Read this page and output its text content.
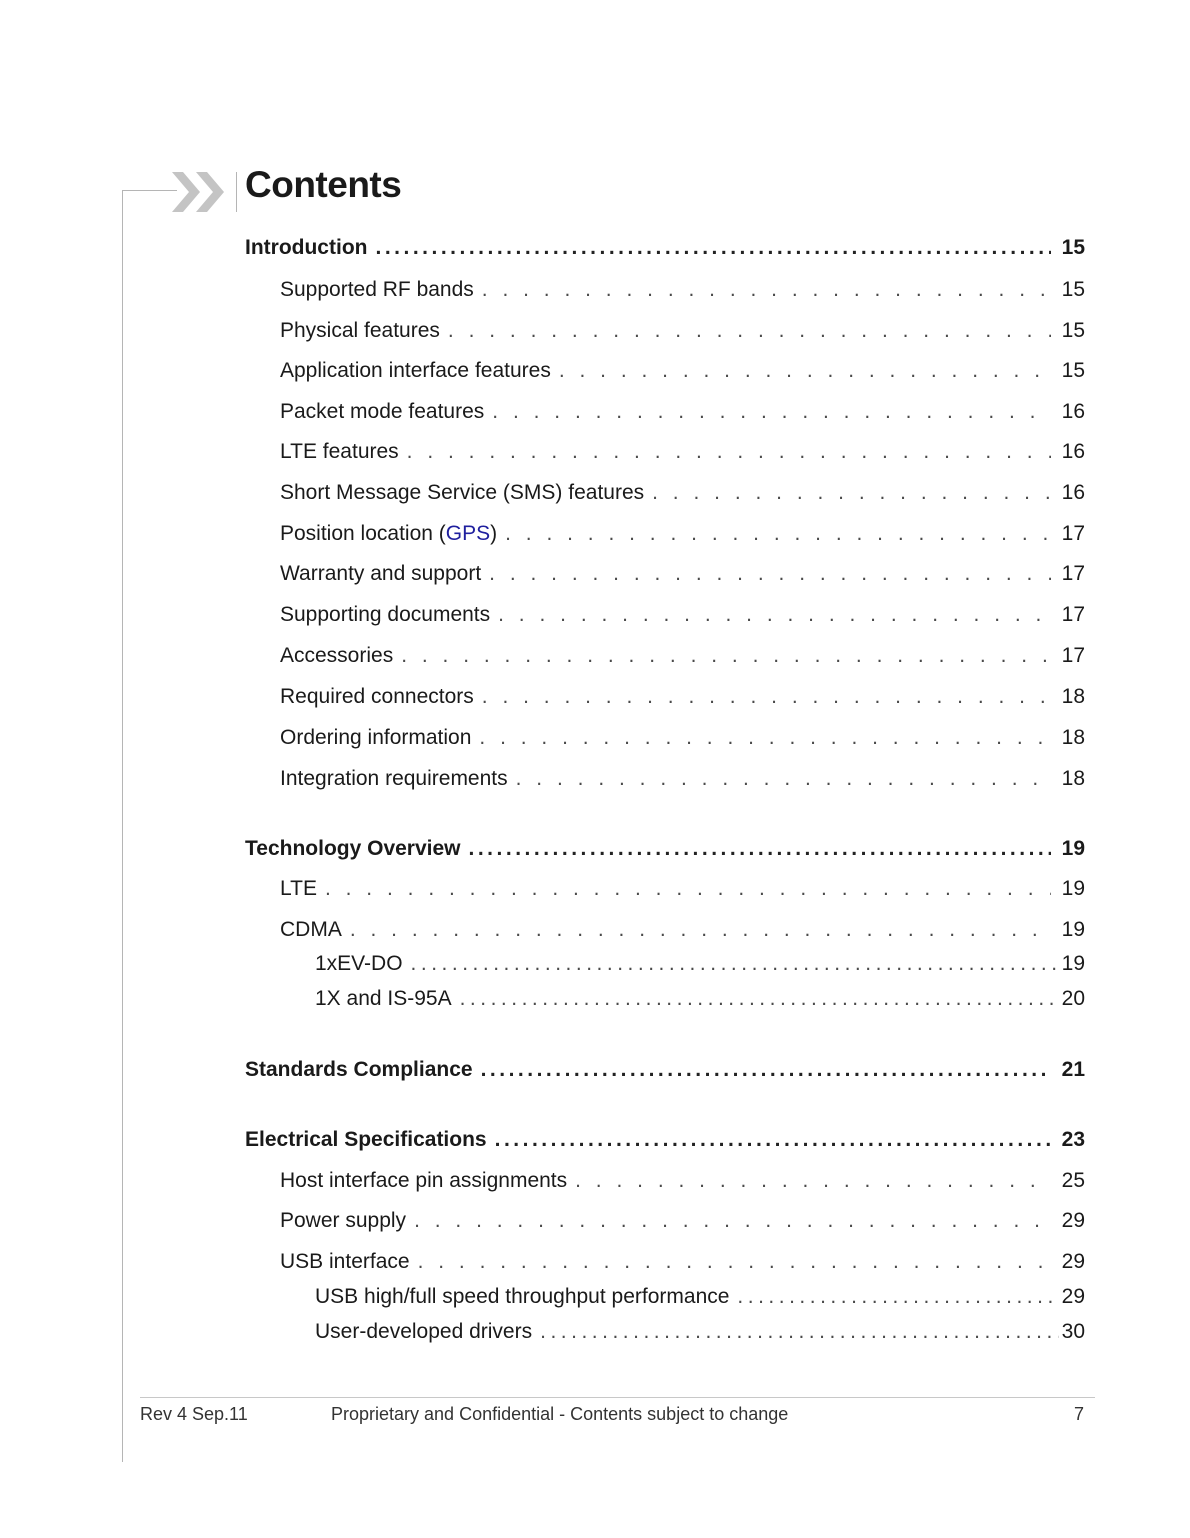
Contents
Introduction .....	15
Supported RF bands . . .	15
Physical features . . .	15
Application interface features . . .	15
Packet mode features . . .	16
LTE features . . .	16
Short Message Service (SMS) features . . .	16
Position location (GPS) . . .	17
Warranty and support . . .	17
Supporting documents . . .	17
Accessories . . .	17
Required connectors . . .	18
Ordering information . . .	18
Integration requirements . . .	18
Technology Overview .....	19
LTE . . .	19
CDMA . . .	19
1xEV-DO .....	19
1X and IS-95A .....	20
Standards Compliance .....	21
Electrical Specifications .....	23
Host interface pin assignments . . .	25
Power supply . . .	29
USB interface . . .	29
USB high/full speed throughput performance .....	29
User-developed drivers .....	30
Rev 4 Sep.11	Proprietary and Confidential - Contents subject to change	7
